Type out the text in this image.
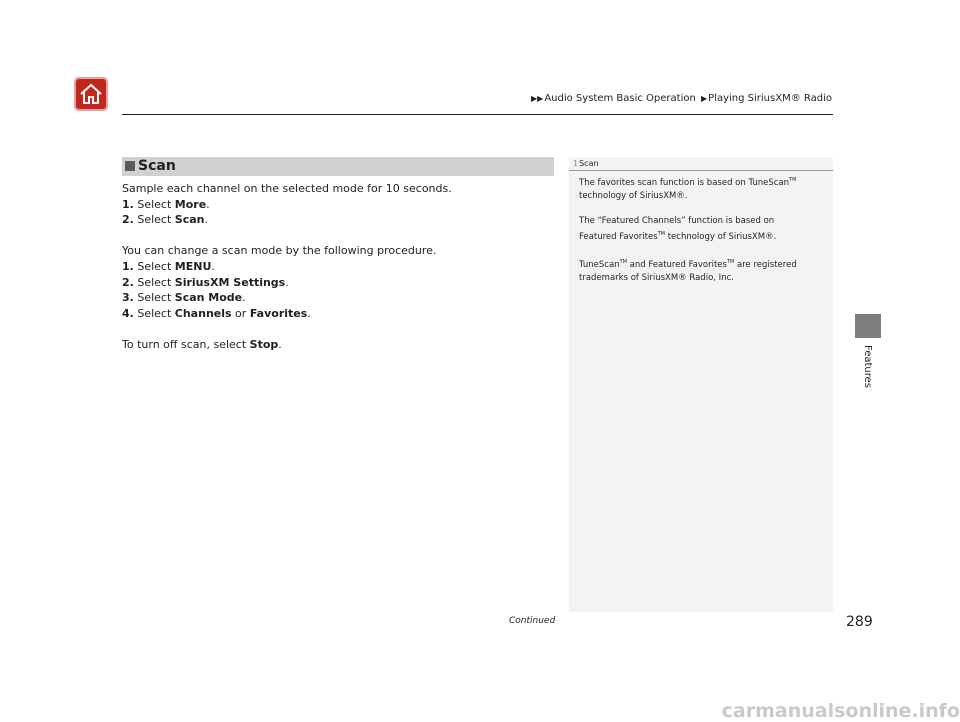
▶▶Audio System Basic Operation ▶Playing SiriusXM® Radio
Features
Scan
Sample each channel on the selected mode for 10 seconds.
1. Select More.
2. Select Scan.
You can change a scan mode by the following procedure.
1. Select MENU.
2. Select SiriusXM Settings.
3. Select Scan Mode.
4. Select Channels or Favorites.
To turn off scan, select Stop.
1Scan

The favorites scan function is based on TuneScan™
technology of SiriusXM®.

The “Featured Channels” function is based on
Featured Favorites™ technology of SiriusXM®.

TuneScan™ and Featured Favorites™ are registered
trademarks of SiriusXM® Radio, Inc.

Continued	289
carmanualsonline.info
